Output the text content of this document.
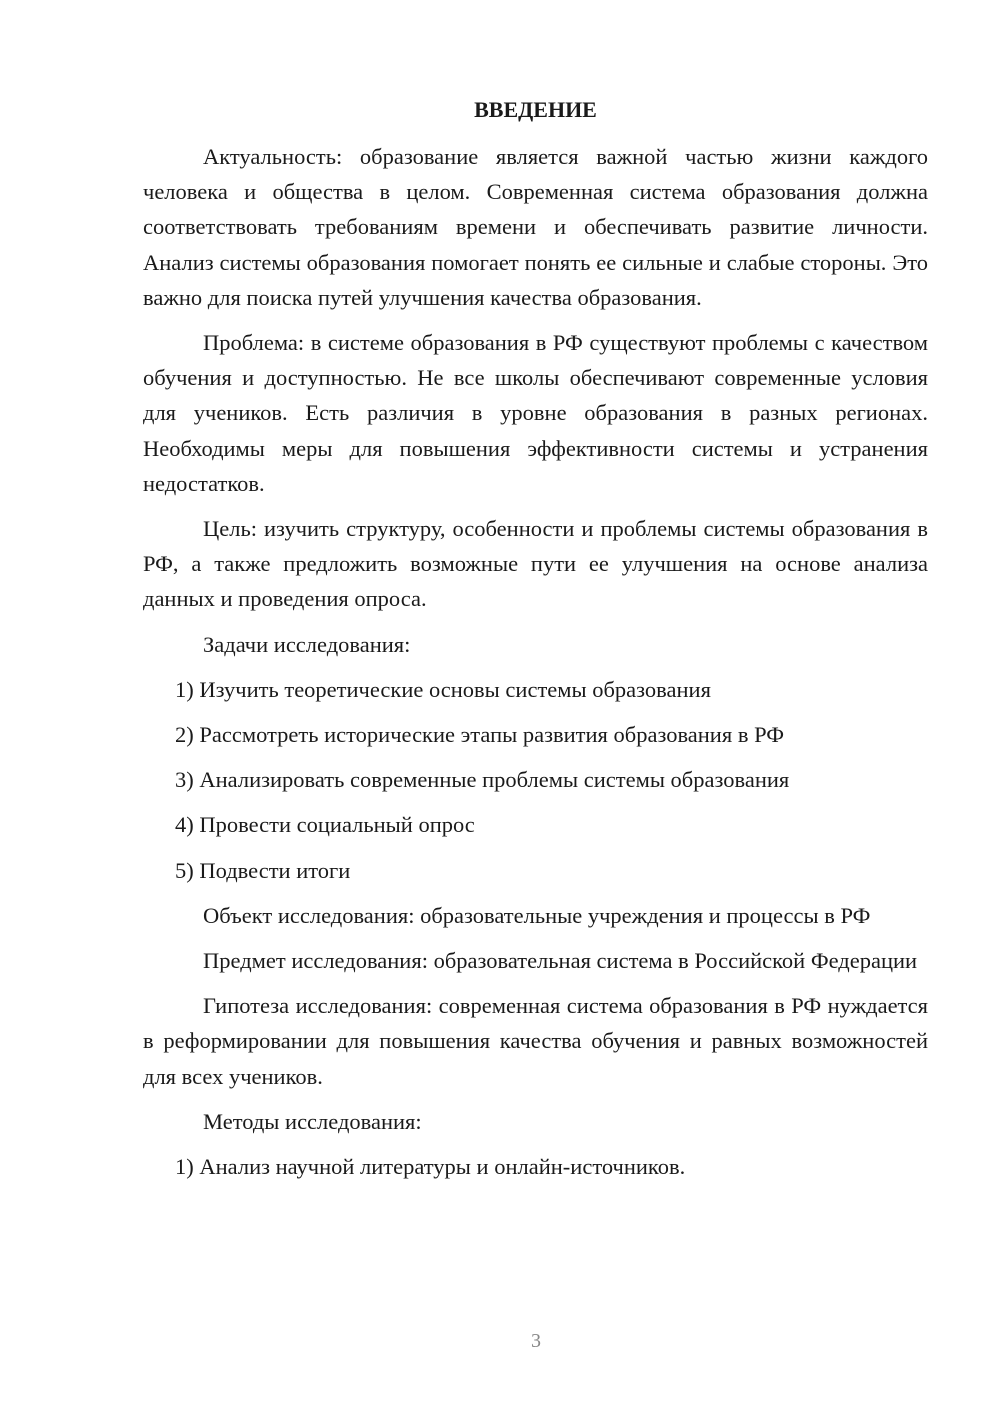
ВВЕДЕНИЕ

Актуальность: образование является важной частью жизни каждого человека и общества в целом. Современная система образования должна соответствовать требованиям времени и обеспечивать развитие личности. Анализ системы образования помогает понять ее сильные и слабые стороны. Это важно для поиска путей улучшения качества образования.

Проблема: в системе образования в РФ существуют проблемы с качеством обучения и доступностью. Не все школы обеспечивают современные условия для учеников. Есть различия в уровне образования в разных регионах. Необходимы меры для повышения эффективности системы и устранения недостатков.

Цель: изучить структуру, особенности и проблемы системы образования в РФ, а также предложить возможные пути ее улучшения на основе анализа данных и проведения опроса.

Задачи исследования:

1) Изучить теоретические основы системы образования

2) Рассмотреть исторические этапы развития образования в РФ

3) Анализировать современные проблемы системы образования

4) Провести социальный опрос

5) Подвести итоги

Объект исследования: образовательные учреждения и процессы в РФ

Предмет исследования: образовательная система в Российской Федерации

Гипотеза исследования: современная система образования в РФ нуждается в реформировании для повышения качества обучения и равных возможностей для всех учеников.

Методы исследования:

1) Анализ научной литературы и онлайн-источников.

3
